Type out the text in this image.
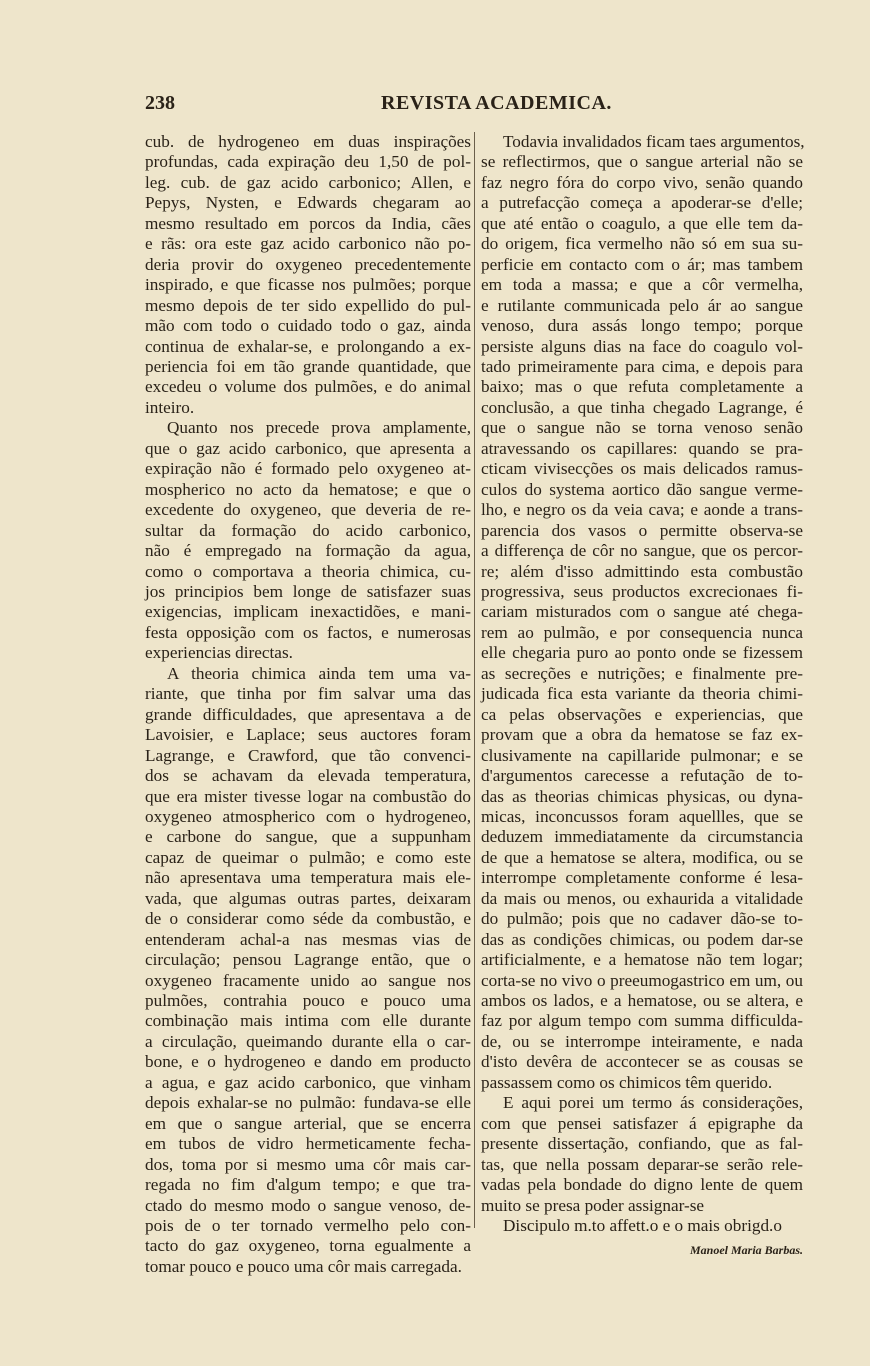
238	REVISTA ACADEMICA.
cub. de hydrogeneo em duas inspirações
profundas, cada expiração deu 1,50 de pol-
leg. cub. de gaz acido carbonico; Allen, e
Pepys, Nysten, e Edwards chegaram ao
mesmo resultado em porcos da India, cães
e rãs: ora este gaz acido carbonico não po-
deria provir do oxygeneo precedentemente
inspirado, e que ficasse nos pulmões; porque
mesmo depois de ter sido expellido do pul-
mão com todo o cuidado todo o gaz, ainda
continua de exhalar-se, e prolongando a ex-
periencia foi em tão grande quantidade, que
excedeu o volume dos pulmões, e do animal
inteiro.
Quanto nos precede prova amplamente,
que o gaz acido carbonico, que apresenta a
expiração não é formado pelo oxygeneo at-
mospherico no acto da hematose; e que o
excedente do oxygeneo, que deveria de re-
sultar da formação do acido carbonico,
não é empregado na formação da agua,
como o comportava a theoria chimica, cu-
jos principios bem longe de satisfazer suas
exigencias, implicam inexactidões, e mani-
festa opposição com os factos, e numerosas
experiencias directas.
A theoria chimica ainda tem uma va-
riante, que tinha por fim salvar uma das
grande difficuldades, que apresentava a de
Lavoisier, e Laplace; seus auctores foram
Lagrange, e Crawford, que tão convenci-
dos se achavam da elevada temperatura,
que era mister tivesse logar na combustão do
oxygeneo atmospherico com o hydrogeneo,
e carbone do sangue, que a suppunham
capaz de queimar o pulmão; e como este
não apresentava uma temperatura mais ele-
vada, que algumas outras partes, deixaram
de o considerar como séde da combustão, e
entenderam achal-a nas mesmas vias de
circulação; pensou Lagrange então, que o
oxygeneo fracamente unido ao sangue nos
pulmões, contrahia pouco e pouco uma
combinação mais intima com elle durante
a circulação, queimando durante ella o car-
bone, e o hydrogeneo e dando em producto
a agua, e gaz acido carbonico, que vinham
depois exhalar-se no pulmão: fundava-se elle
em que o sangue arterial, que se encerra
em tubos de vidro hermeticamente fecha-
dos, toma por si mesmo uma côr mais car-
regada no fim d'algum tempo; e que tra-
ctado do mesmo modo o sangue venoso, de-
pois de o ter tornado vermelho pelo con-
tacto do gaz oxygeneo, torna egualmente a
tomar pouco e pouco uma côr mais carregada.
Todavia invalidados ficam taes argumentos,
se reflectirmos, que o sangue arterial não se
faz negro fóra do corpo vivo, senão quando
a putrefacção começa a apoderar-se d'elle;
que até então o coagulo, a que elle tem da-
do origem, fica vermelho não só em sua su-
perficie em contacto com o ár; mas tambem
em toda a massa; e que a côr vermelha,
e rutilante communicada pelo ár ao sangue
venoso, dura assás longo tempo; porque
persiste alguns dias na face do coagulo vol-
tado primeiramente para cima, e depois para
baixo; mas o que refuta completamente a
conclusão, a que tinha chegado Lagrange, é
que o sangue não se torna venoso senão
atravessando os capillares: quando se pra-
cticam vivisecções os mais delicados ramus-
culos do systema aortico dão sangue verme-
lho, e negro os da veia cava; e aonde a trans-
parencia dos vasos o permitte observa-se
a differença de côr no sangue, que os percor-
re; além d'isso admittindo esta combustão
progressiva, seus productos excrecionaes fi-
cariam misturados com o sangue até chega-
rem ao pulmão, e por consequencia nunca
elle chegaria puro ao ponto onde se fizessem
as secreções e nutrições; e finalmente pre-
judicada fica esta variante da theoria chimi-
ca pelas observações e experiencias, que
provam que a obra da hematose se faz ex-
clusivamente na capillaride pulmonar; e se
d'argumentos carecesse a refutação de to-
das as theorias chimicas physicas, ou dyna-
micas, inconcussos foram aquellles, que se
deduzem immediatamente da circumstancia
de que a hematose se altera, modifica, ou se
interrompe completamente conforme é lesa-
da mais ou menos, ou exhaurida a vitalidade
do pulmão; pois que no cadaver dão-se to-
das as condições chimicas, ou podem dar-se
artificialmente, e a hematose não tem logar;
corta-se no vivo o preeumogastrico em um, ou
ambos os lados, e a hematose, ou se altera, e
faz por algum tempo com summa difficulda-
de, ou se interrompe inteiramente, e nada
d'isto devêra de accontecer se as cousas se
passassem como os chimicos têm querido.
E aqui porei um termo ás considerações,
com que pensei satisfazer á epigraphe da
presente dissertação, confiando, que as fal-
tas, que nella possam deparar-se serão rele-
vadas pela bondade do digno lente de quem
muito se presa poder assignar-se
Discipulo m.to affett.o e o mais obrigd.o
Manoel Maria Barbas.
